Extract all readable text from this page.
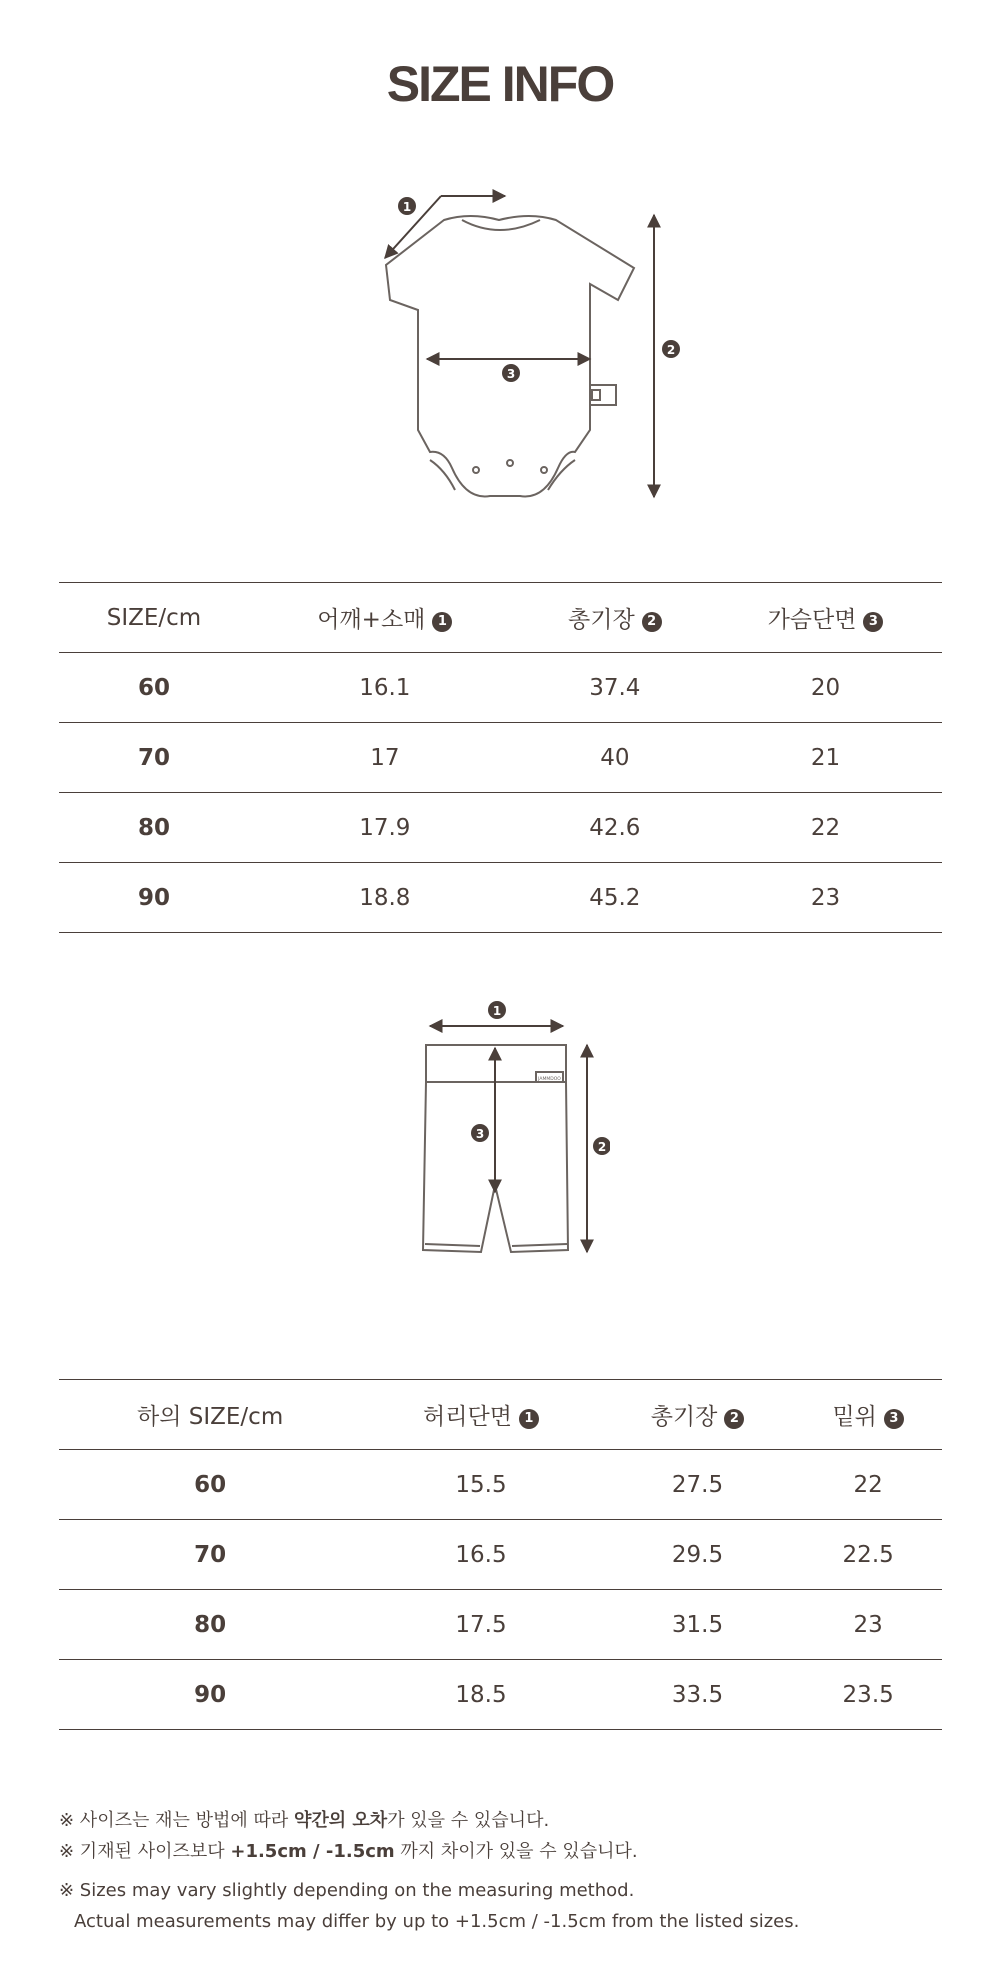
SIZE INFO
1
2
3
SIZE/cm	어깨+소매 1	총기장 2	가슴단면 3
60	16.1	37.4	20
70	17	40	21
80	17.9	42.6	22
90	18.8	45.2	23
JAMMDOO
1
2
3
하의 SIZE/cm	허리단면 1	총기장 2	밑위 3
60	15.5	27.5	22
70	16.5	29.5	22.5
80	17.5	31.5	23
90	18.5	33.5	23.5
※ 사이즈는 재는 방법에 따라 약간의 오차가 있을 수 있습니다.
※ 기재된 사이즈보다 +1.5cm / -1.5cm 까지 차이가 있을 수 있습니다.
※ Sizes may vary slightly depending on the measuring method.
Actual measurements may differ by up to +1.5cm / -1.5cm from the listed sizes.
